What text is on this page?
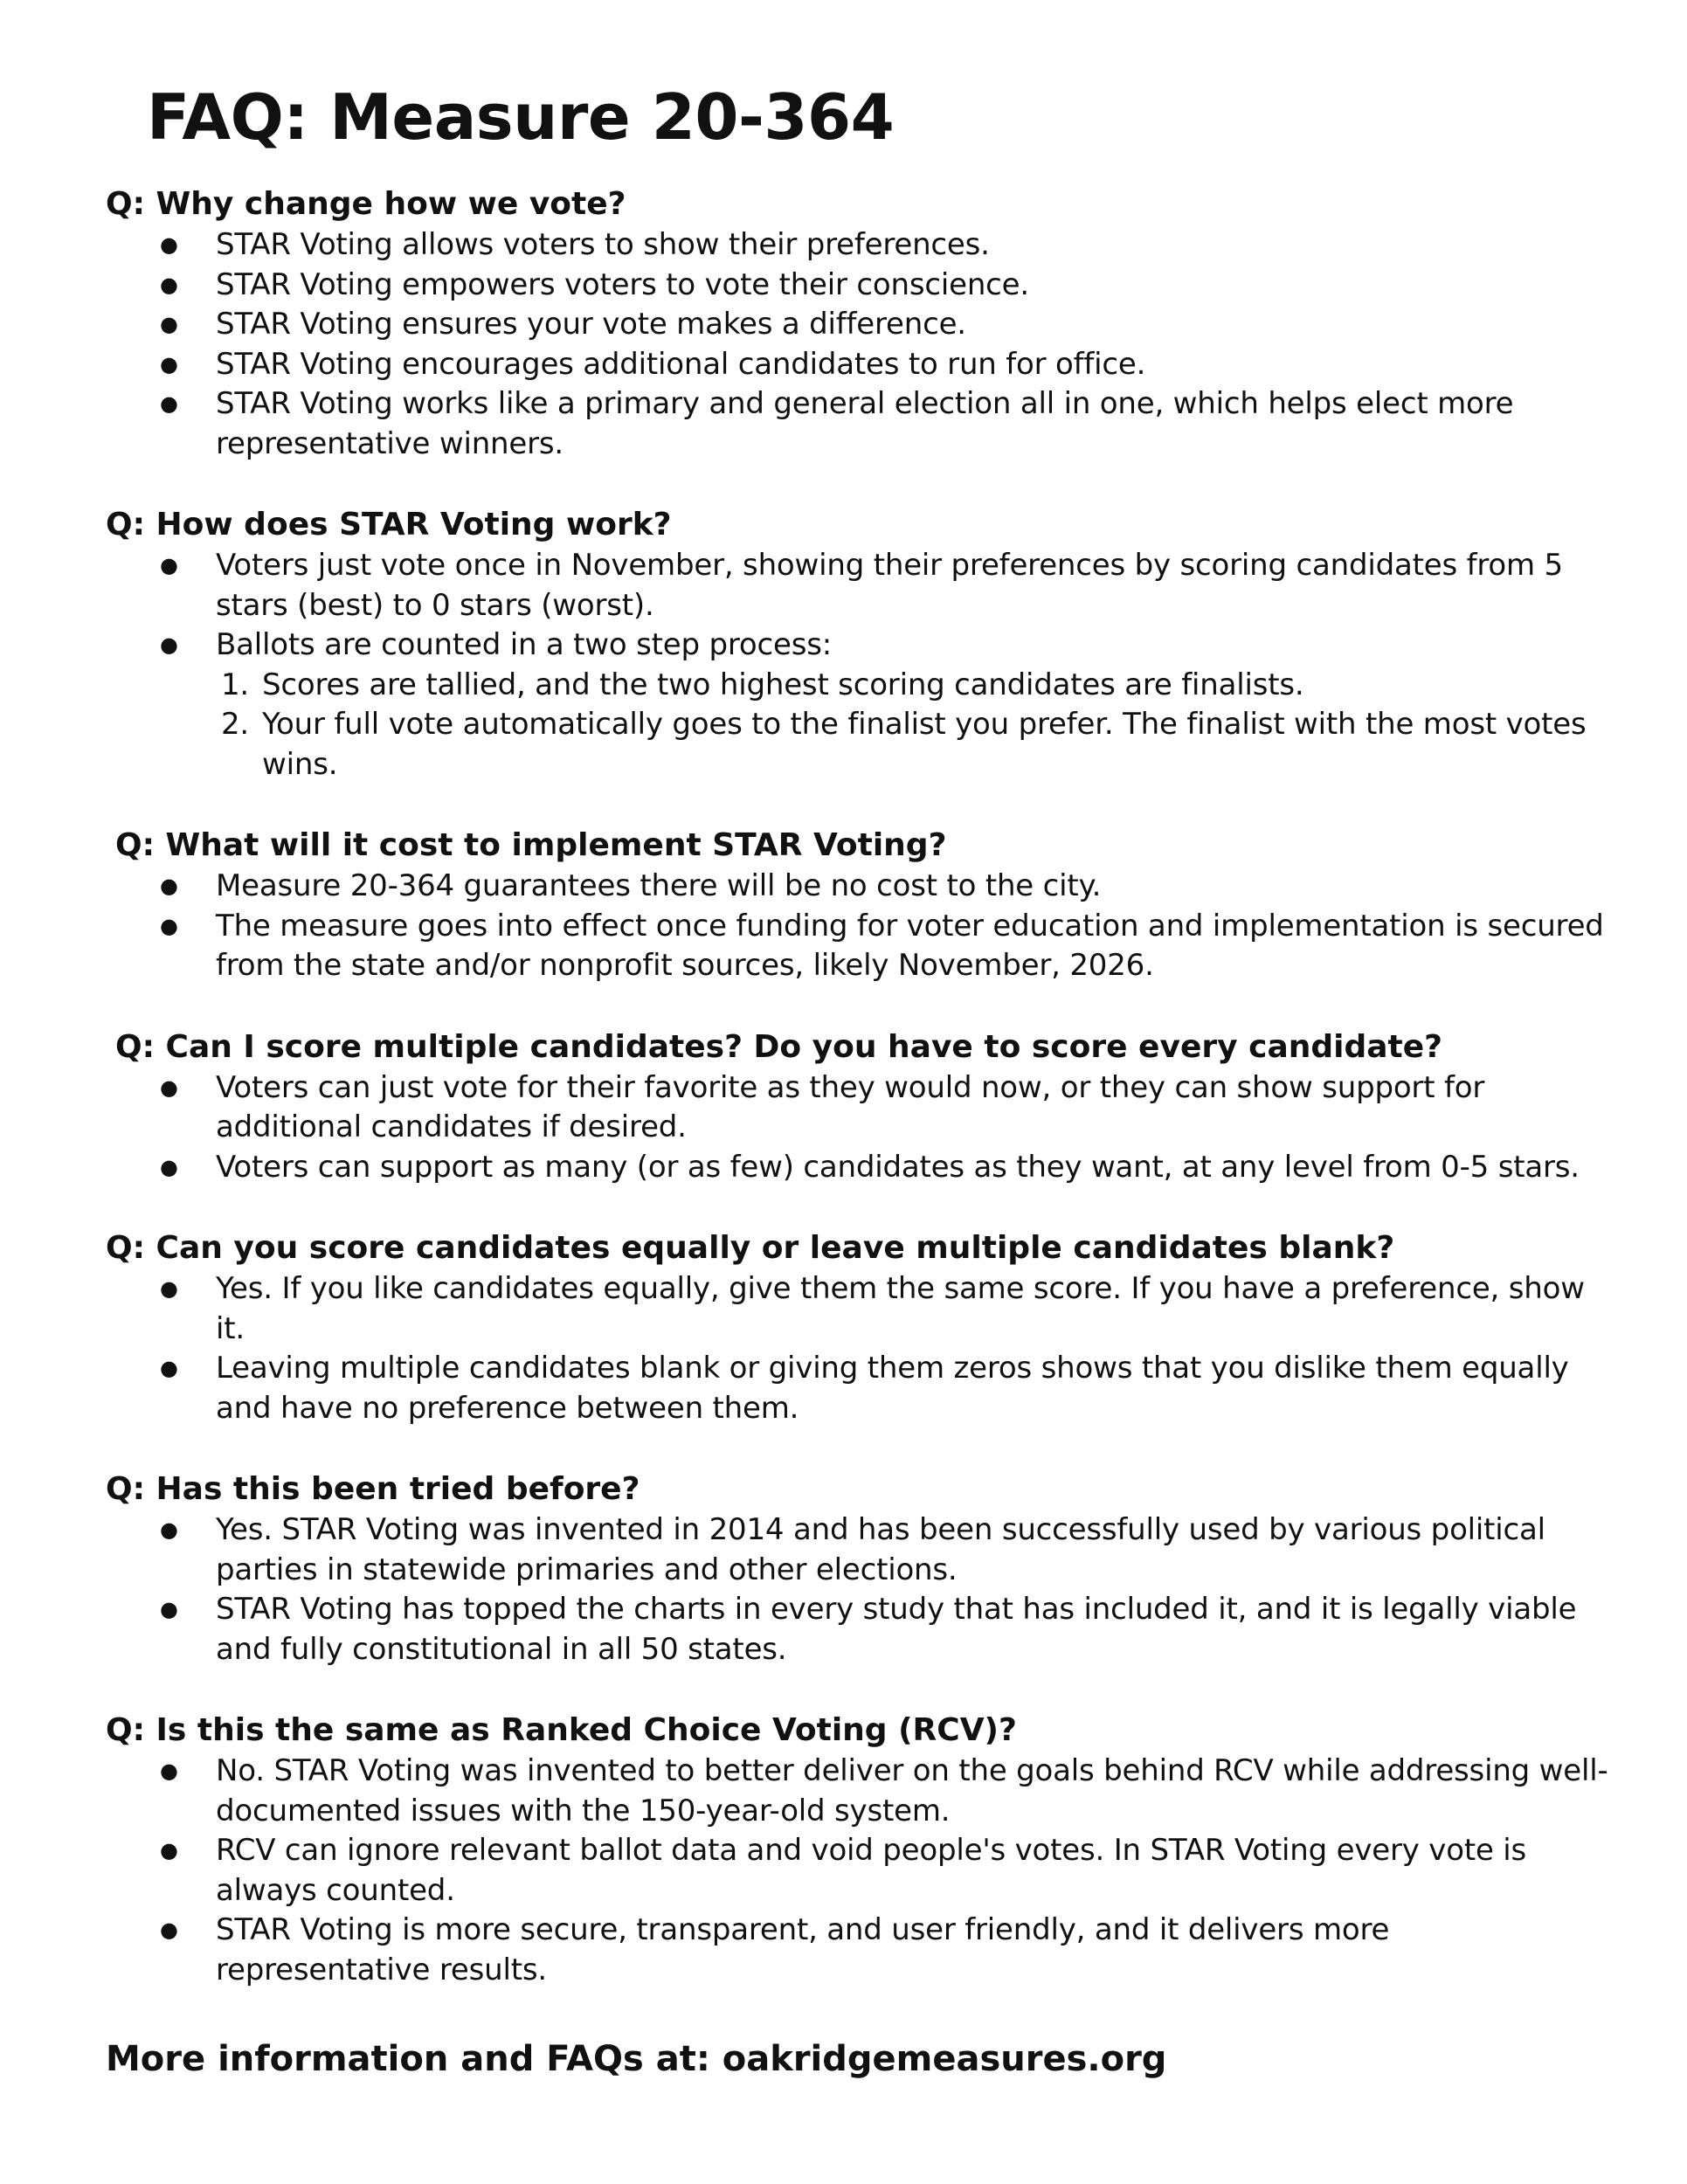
FAQ: Measure 20-364

Q: Why change how we vote?

● STAR Voting allows voters to show their preferences.
● STAR Voting empowers voters to vote their conscience.
● STAR Voting ensures your vote makes a difference.
● STAR Voting encourages additional candidates to run for office.
● STAR Voting works like a primary and general election all in one, which helps elect more representative winners.

Q: How does STAR Voting work?

● Voters just vote once in November, showing their preferences by scoring candidates from 5 stars (best) to 0 stars (worst).
● Ballots are counted in a two step process:
1. Scores are tallied, and the two highest scoring candidates are finalists.
2. Your full vote automatically goes to the finalist you prefer. The finalist with the most votes wins.

Q: What will it cost to implement STAR Voting?

● Measure 20-364 guarantees there will be no cost to the city.
● The measure goes into effect once funding for voter education and implementation is secured from the state and/or nonprofit sources, likely November, 2026.

Q: Can I score multiple candidates? Do you have to score every candidate?

● Voters can just vote for their favorite as they would now, or they can show support for additional candidates if desired.
● Voters can support as many (or as few) candidates as they want, at any level from 0-5 stars.

Q: Can you score candidates equally or leave multiple candidates blank?

● Yes. If you like candidates equally, give them the same score. If you have a preference, show it.
● Leaving multiple candidates blank or giving them zeros shows that you dislike them equally and have no preference between them.

Q: Has this been tried before?

● Yes. STAR Voting was invented in 2014 and has been successfully used by various political parties in statewide primaries and other elections.
● STAR Voting has topped the charts in every study that has included it, and it is legally viable and fully constitutional in all 50 states.

Q: Is this the same as Ranked Choice Voting (RCV)?

● No. STAR Voting was invented to better deliver on the goals behind RCV while addressing well-documented issues with the 150-year-old system.
● RCV can ignore relevant ballot data and void people's votes. In STAR Voting every vote is always counted.
● STAR Voting is more secure, transparent, and user friendly, and it delivers more representative results.

More information and FAQs at: oakridgemeasures.org
